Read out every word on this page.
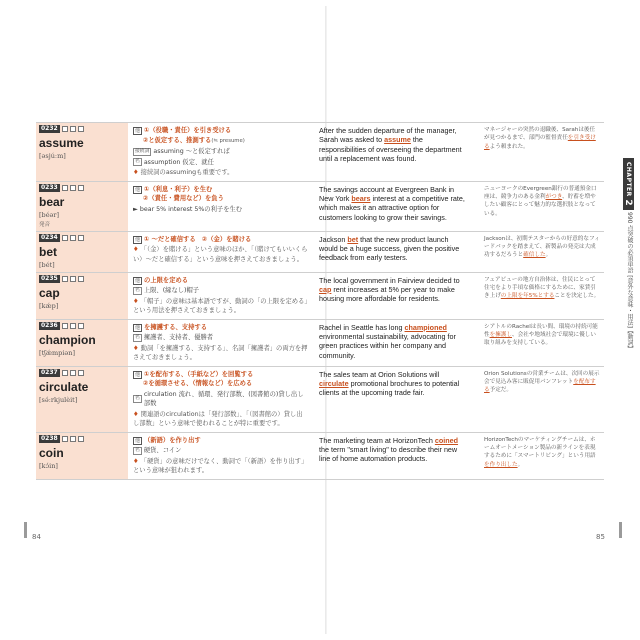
0232
assume
[əsjúːm]
他 ①（役職・責任）を引き受ける
②と仮定する、推測する(≒ presume)
接続詞 assuming ～と仮定すれば
名 assumption 仮定、就任
♦ 接続詞のassumingも重要です。
After the sudden departure of the manager, Sarah was asked to assume the responsibilities of overseeing the department until a replacement was found.
マネージャーの突然の退職後、Sarahは後任が見つかるまで、部門の監督責任を引き受けるよう頼まれた。
0233
bear
[béər]
発音
他 ①（利息・利子）を生む
②（責任・費用など）を負う
► bear 5% interest 5%の利子を生む
The savings account at Evergreen Bank in New York bears interest at a competitive rate, which makes it an attractive option for customers looking to grow their savings.
ニューヨークのEvergreen銀行の普通預金口座は、競争力のある金利がつき、貯蓄を増やしたい顧客にとって魅力的な選択肢となっている。
0234
bet
[bét]
他 ① ～だと確信する　②（金）を賭ける
♦ 「（金）を賭ける」という意味のほか、「（賭けてもいいくらい）～だと確信する」という意味を押さえておきましょう。
Jackson bet that the new product launch would be a huge success, given the positive feedback from early testers.
Jacksonは、初期テスターからの好意的なフィードバックを踏まえて、新製品の発売は大成功するだろうと確信した。
0235
cap
[kǽp]
他 の上限を定める
名 上限、(縁なし)帽子
♦ 「帽子」の意味は基本語ですが、動詞の「の上限を定める」という用法を押さえておきましょう。
The local government in Fairview decided to cap rent increases at 5% per year to make housing more affordable for residents.
フェアビューの地方自治体は、住民にとって住宅をより手頃な価格にするために、家賃引き上げの上限を年5%とすることを決定した。
0236
champion
[tʃǽmpiən]
他 を擁護する、支持する
名 擁護者、支持者、優勝者
♦ 動詞「を擁護する、支持する」、名詞「擁護者」の両方を押さえておきましょう。
Rachel in Seattle has long championed environmental sustainability, advocating for green practices within her company and community.
シアトルのRachelは長い間、環境の持続可能性を擁護し、会社や地域社会で環境に優しい取り組みを支持している。
0237
circulate
[sə́ːrkjulèit]
他 ①を配布する、（手紙など）を回覧する
②を循環させる、（情報など）を広める
名
circulation 流れ、循環、発行部数、(図書館の)貸し出し部数
♦ 関連語のcirculationは「発行部数」、「（図書館の）貸し出し部数」という意味で使われることが特に重要です。
The sales team at Orion Solutions will circulate promotional brochures to potential clients at the upcoming trade fair.
Orion Solutionsの営業チームは、次回の展示会で見込み客に販促用パンフレットを配布する予定だ。
0238
coin
[kɔ́in]
他 （新語）を作り出す
名 硬貨、コイン
♦ 「硬貨」の意味だけでなく、動詞で「（新語）を作り出す」という意味が狙われます。
The marketing team at HorizonTech coined the term "smart living" to describe their new line of home automation products.
HorizonTechのマーケティングチームは、ホームオートメーション製品の新ラインを表現するために「スマートリビング」という用語を作り出した。
CHAPTER 2
990 点突破の必須単語 [意外な意味・用法]【動詞】
84	85
